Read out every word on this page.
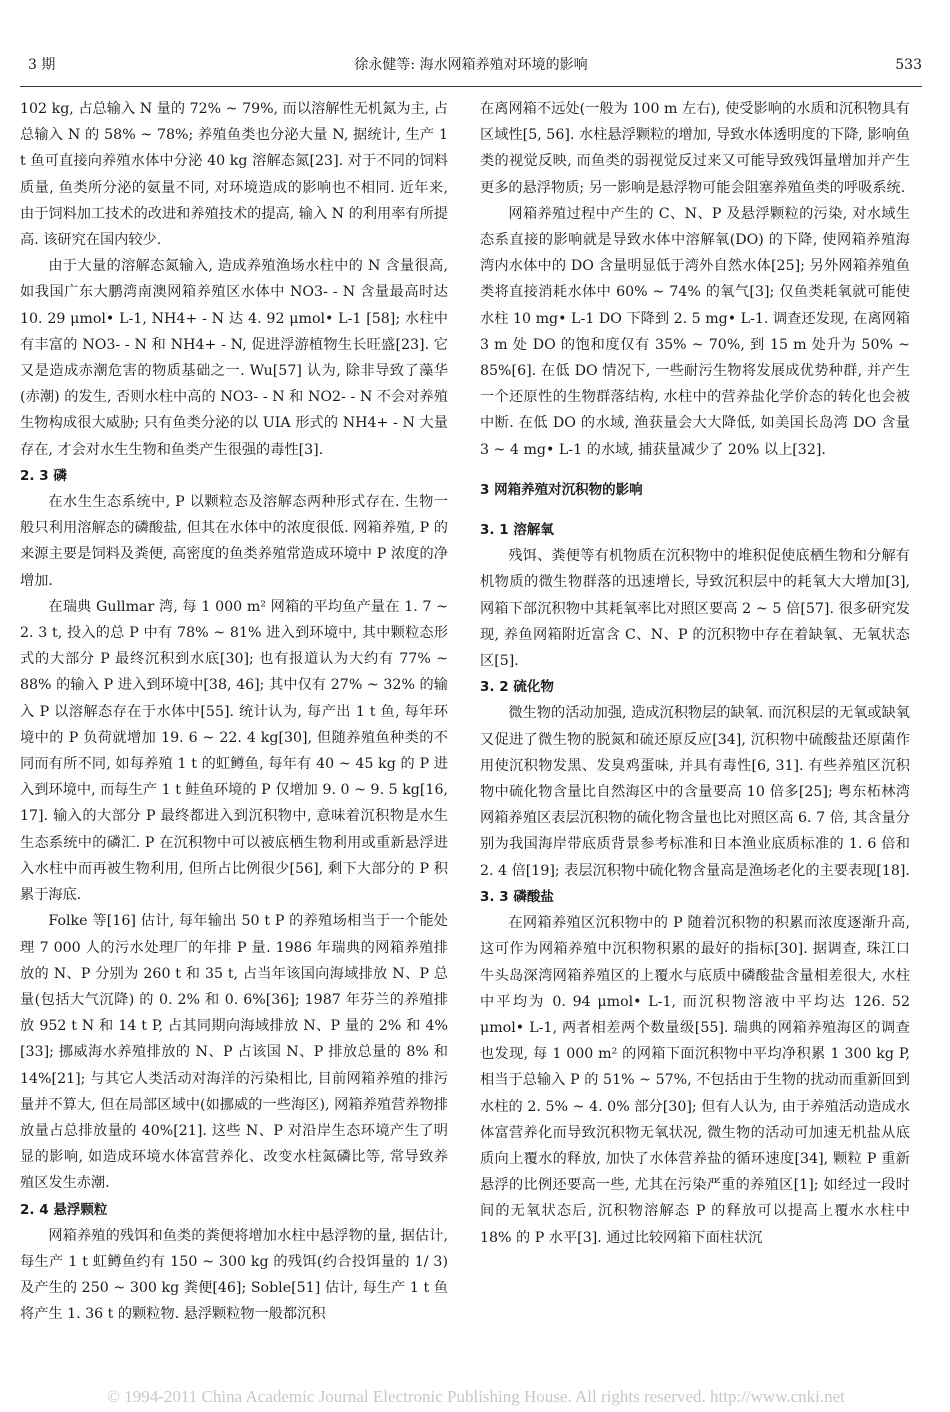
3 期	徐永健等: 海水网箱养殖对环境的影响	533

102 kg, 占总输入 N 量的 72% ~ 79%, 而以溶解性无机氮为主, 占总输入 N 的 58% ~ 78%; 养殖鱼类也分泌大量 N, 据统计, 生产 1 t 鱼可直接向养殖水体中分泌 40 kg 溶解态氮[23]. 对于不同的饲料质量, 鱼类所分泌的氨量不同, 对环境造成的影响也不相同. 近年来, 由于饲料加工技术的改进和养殖技术的提高, 输入 N 的利用率有所提高. 该研究在国内较少.

由于大量的溶解态氮输入, 造成养殖渔场水柱中的 N 含量很高, 如我国广东大鹏湾南澳网箱养殖区水体中 NO3- - N 含量最高时达 10. 29 μmol• L-1, NH4+ - N 达 4. 92 μmol• L-1 [58]; 水柱中有丰富的 NO3- - N 和 NH4+ - N, 促进浮游植物生长旺盛[23]. 它又是造成赤潮危害的物质基础之一. Wu[57] 认为, 除非导致了藻华(赤潮) 的发生, 否则水柱中高的 NO3- - N 和 NO2- - N 不会对养殖生物构成很大威胁; 只有鱼类分泌的以 UIA 形式的 NH4+ - N 大量存在, 才会对水生生物和鱼类产生很强的毒性[3].

2. 3 磷

在水生生态系统中, P 以颗粒态及溶解态两种形式存在. 生物一般只利用溶解态的磷酸盐, 但其在水体中的浓度很低. 网箱养殖, P 的来源主要是饲料及粪便, 高密度的鱼类养殖常造成环境中 P 浓度的净增加.

在瑞典 Gullmar 湾, 每 1 000 m² 网箱的平均鱼产量在 1. 7 ~ 2. 3 t, 投入的总 P 中有 78% ~ 81% 进入到环境中, 其中颗粒态形式的大部分 P 最终沉积到水底[30]; 也有报道认为大约有 77% ~ 88% 的输入 P 进入到环境中[38, 46]; 其中仅有 27% ~ 32% 的输入 P 以溶解态存在于水体中[55]. 统计认为, 每产出 1 t 鱼, 每年环境中的 P 负荷就增加 19. 6 ~ 22. 4 kg[30], 但随养殖鱼种类的不同而有所不同, 如每养殖 1 t 的虹鳟鱼, 每年有 40 ~ 45 kg 的 P 进入到环境中, 而每生产 1 t 鲑鱼环境的 P 仅增加 9. 0 ~ 9. 5 kg[16, 17]. 输入的大部分 P 最终都进入到沉积物中, 意味着沉积物是水生生态系统中的磷汇. P 在沉积物中可以被底栖生物利用或重新悬浮进入水柱中而再被生物利用, 但所占比例很少[56], 剩下大部分的 P 积累于海底.

Folke 等[16] 估计, 每年输出 50 t P 的养殖场相当于一个能处理 7 000 人的污水处理厂的年排 P 量. 1986 年瑞典的网箱养殖排放的 N、P 分别为 260 t 和 35 t, 占当年该国向海域排放 N、P 总量(包括大气沉降) 的 0. 2% 和 0. 6%[36]; 1987 年芬兰的养殖排放 952 t N 和 14 t P, 占其同期向海域排放 N、P 量的 2% 和 4%[33]; 挪威海水养殖排放的 N、P 占该国 N、P 排放总量的 8% 和 14%[21]; 与其它人类活动对海洋的污染相比, 目前网箱养殖的排污量并不算大, 但在局部区域中(如挪威的一些海区), 网箱养殖营养物排放量占总排放量的 40%[21]. 这些 N、P 对沿岸生态环境产生了明显的影响, 如造成环境水体富营养化、改变水柱氮磷比等, 常导致养殖区发生赤潮.

2. 4 悬浮颗粒

网箱养殖的残饵和鱼类的粪便将增加水柱中悬浮物的量, 据估计, 每生产 1 t 虹鳟鱼约有 150 ~ 300 kg 的残饵(约合投饵量的 1/ 3) 及产生的 250 ~ 300 kg 粪便[46]; Soble[51] 估计, 每生产 1 t 鱼将产生 1. 36 t 的颗粒物. 悬浮颗粒物一般都沉积

在离网箱不远处(一般为 100 m 左右), 使受影响的水质和沉积物具有区域性[5, 56]. 水柱悬浮颗粒的增加, 导致水体透明度的下降, 影响鱼类的视觉反映, 而鱼类的弱视觉反过来又可能导致残饵量增加并产生更多的悬浮物质; 另一影响是悬浮物可能会阻塞养殖鱼类的呼吸系统.

网箱养殖过程中产生的 C、N、P 及悬浮颗粒的污染, 对水域生态系直接的影响就是导致水体中溶解氧(DO) 的下降, 使网箱养殖海湾内水体中的 DO 含量明显低于湾外自然水体[25]; 另外网箱养殖鱼类将直接消耗水体中 60% ~ 74% 的氧气[3]; 仅鱼类耗氧就可能使水柱 10 mg• L-1 DO 下降到 2. 5 mg• L-1. 调查还发现, 在离网箱 3 m 处 DO 的饱和度仅有 35% ~ 70%, 到 15 m 处升为 50% ~ 85%[6]. 在低 DO 情况下, 一些耐污生物将发展成优势种群, 并产生一个还原性的生物群落结构, 水柱中的营养盐化学价态的转化也会被中断. 在低 DO 的水域, 渔获量会大大降低, 如美国长岛湾 DO 含量 3 ~ 4 mg• L-1 的水域, 捕获量减少了 20% 以上[32].

3 网箱养殖对沉积物的影响

3. 1 溶解氧

残饵、粪便等有机物质在沉积物中的堆积促使底栖生物和分解有机物质的微生物群落的迅速增长, 导致沉积层中的耗氧大大增加[3], 网箱下部沉积物中其耗氧率比对照区要高 2 ~ 5 倍[57]. 很多研究发现, 养鱼网箱附近富含 C、N、P 的沉积物中存在着缺氧、无氧状态区[5].

3. 2 硫化物

微生物的活动加强, 造成沉积物层的缺氧. 而沉积层的无氧或缺氧又促进了微生物的脱氮和硫还原反应[34], 沉积物中硫酸盐还原菌作用使沉积物发黑、发臭鸡蛋味, 并具有毒性[6, 31]. 有些养殖区沉积物中硫化物含量比自然海区中的含量要高 10 倍多[25]; 粤东柘林湾网箱养殖区表层沉积物的硫化物含量也比对照区高 6. 7 倍, 其含量分别为我国海岸带底质背景参考标准和日本渔业底质标准的 1. 6 倍和 2. 4 倍[19]; 表层沉积物中硫化物含量高是渔场老化的主要表现[18].

3. 3 磷酸盐

在网箱养殖区沉积物中的 P 随着沉积物的积累而浓度逐渐升高, 这可作为网箱养殖中沉积物积累的最好的指标[30]. 据调查, 珠江口牛头岛深湾网箱养殖区的上覆水与底质中磷酸盐含量相差很大, 水柱中平均为 0. 94 μmol• L-1, 而沉积物溶液中平均达 126. 52 μmol• L-1, 两者相差两个数量级[55]. 瑞典的网箱养殖海区的调查也发现, 每 1 000 m² 的网箱下面沉积物中平均净积累 1 300 kg P, 相当于总输入 P 的 51% ~ 57%, 不包括由于生物的扰动而重新回到水柱的 2. 5% ~ 4. 0% 部分[30]; 但有人认为, 由于养殖活动造成水体富营养化而导致沉积物无氧状况, 微生物的活动可加速无机盐从底质向上覆水的释放, 加快了水体营养盐的循环速度[34], 颗粒 P 重新悬浮的比例还要高一些, 尤其在污染严重的养殖区[1]; 如经过一段时间的无氧状态后, 沉积物溶解态 P 的释放可以提高上覆水水柱中 18% 的 P 水平[3]. 通过比较网箱下面柱状沉

© 1994-2011 China Academic Journal Electronic Publishing House. All rights reserved. http://www.cnki.net
